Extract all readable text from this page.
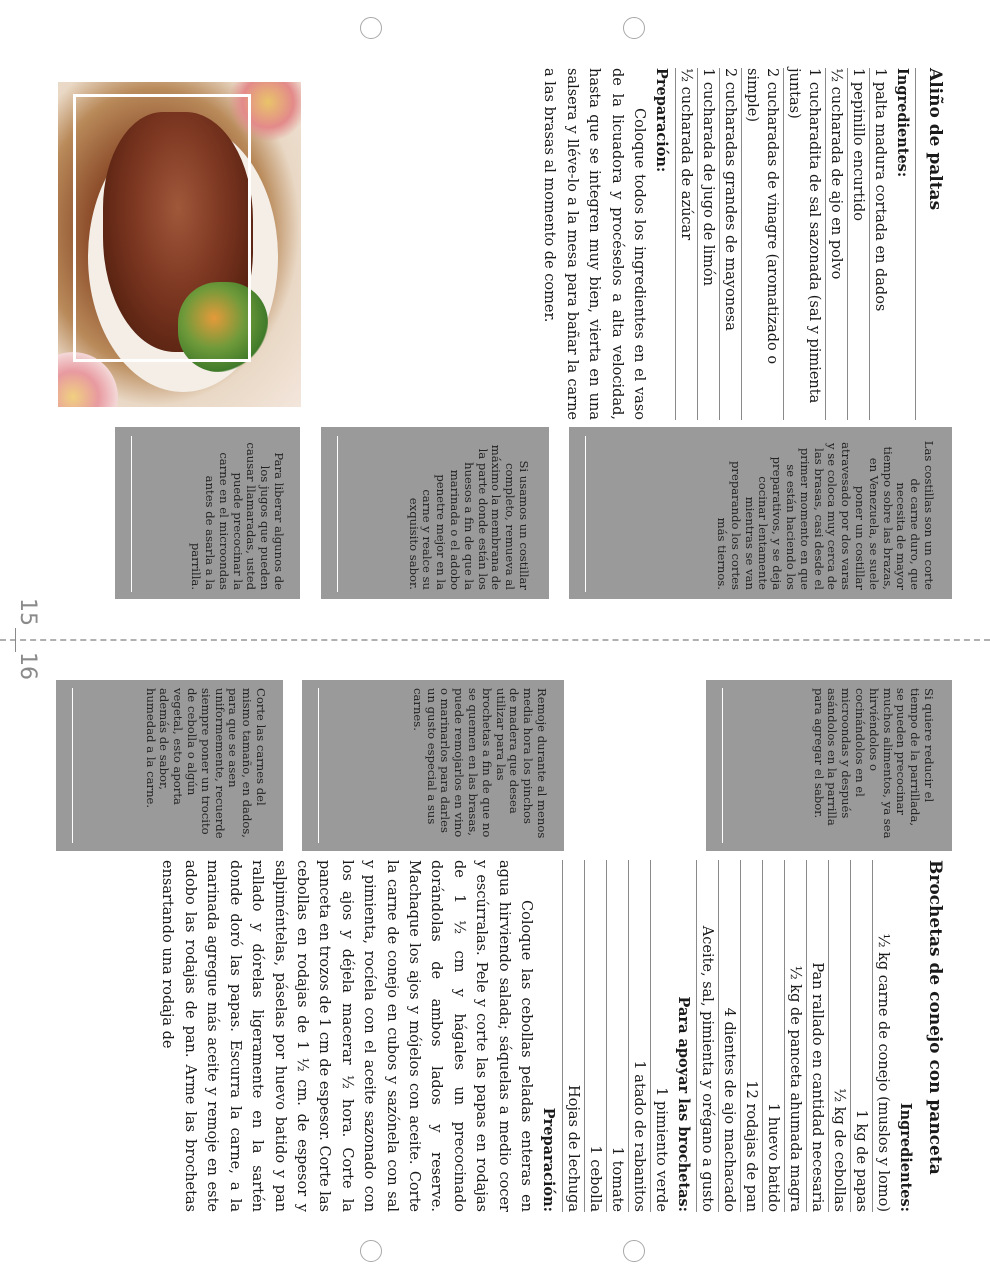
15
16
Aliño de paltas
Ingredientes:
1 palta madura cortada en dados
1 pepinillo encurtido
½ cucharada de ajo en polvo
1 cucharadita de sal sazonada (sal y pimienta juntas)
2 cucharadas de vinagre (aromatizado o simple)
2 cucharadas grandes de mayonesa
1 cucharada de jugo de limón
½ cucharada de azúcar
Preparación:
Coloque todos los ingredientes en el vaso de la licuadora y procéselos a alta velocidad, hasta que se integren muy bien, vierta en una salsera y lléve-lo a la mesa para bañar la carne a las brasas al momento de comer.
Las costillas son un corte de carne duro, que necesita de mayor tiempo sobre las brazas, en Venezuela, se suele poner un costillar atravesado por dos varas y se coloca muy cerca de las brasas, casi desde el primer momento en que se están haciendo los preparativos, y se deja cocinar lentamente mientras se van preparando los cortes más tiernos.
Si usamos un costillar completo, remueva al máximo la membrana de la parte donde están los huesos a fin de que la marinada o el adobo penetre mejor en la carne y realce su exquisito sabor.
Para liberar algunos de los jugos que pueden causar llamaradas, usted puede precocinar la carne en el microondas antes de asarla a la parrilla.
Si quiere reducir el tiempo de la parrillada, se pueden precocinar muchos alimentos, ya sea hirviéndolos o cocinándolos en el microondas y después asándolos en la parrilla para agregar el sabor.
Remoje durante al menos media hora los pinchos de madera que desea utilizar para las brochetas a fin de que no se quemen en las brasas, puede remojarlos en vino o marinarlos para darles un gusto especial a sus carnes.
Corte las carnes del mismo tamaño, en dados, para que se asen uniformemente, recuerde siempre poner un trocito de cebolla o algún vegetal, esto aporta además de sabor, humedad a la carne.
Brochetas de conejo con panceta
Ingredientes:
½ kg carne de conejo (muslos y lomo)
1 kg de papas
½ kg de cebollas
Pan rallado en cantidad necesaria
½ kg de panceta ahumada magra
1 huevo batido
12 rodajas de pan
4 dientes de ajo machacado
Aceite, sal, pimienta y orégano a gusto
Para apoyar las brochetas:
1 pimiento verde
1 atado de rabanitos
1 tomate
1 cebolla
Hojas de lechuga
Preparación:
Coloque las cebollas peladas enteras en agua hirviendo salada; sáquelas a medio cocer y escúrralas. Pele y corte las papas en rodajas de 1 ½ cm y hágales un precocinado dorándolas de ambos lados y reserve. Machaque los ajos y mójelos con aceite. Corte la carne de conejo en cubos y sazónela con sal y pimienta, rocíela con el aceite sazonado con los ajos y déjela macerar ½ hora. Corte la panceta en trozos de 1 cm de espesor. Corte las cebollas en rodajas de 1 ½ cm. de espesor y salpiméntelas, páselas por huevo batido y pan rallado y dórelas ligeramente en la sartén donde doró las papas. Escurra la carne, a la marinada agregue más aceite y remoje en este adobo las rodajas de pan. Arme las brochetas ensartando una rodaja de
